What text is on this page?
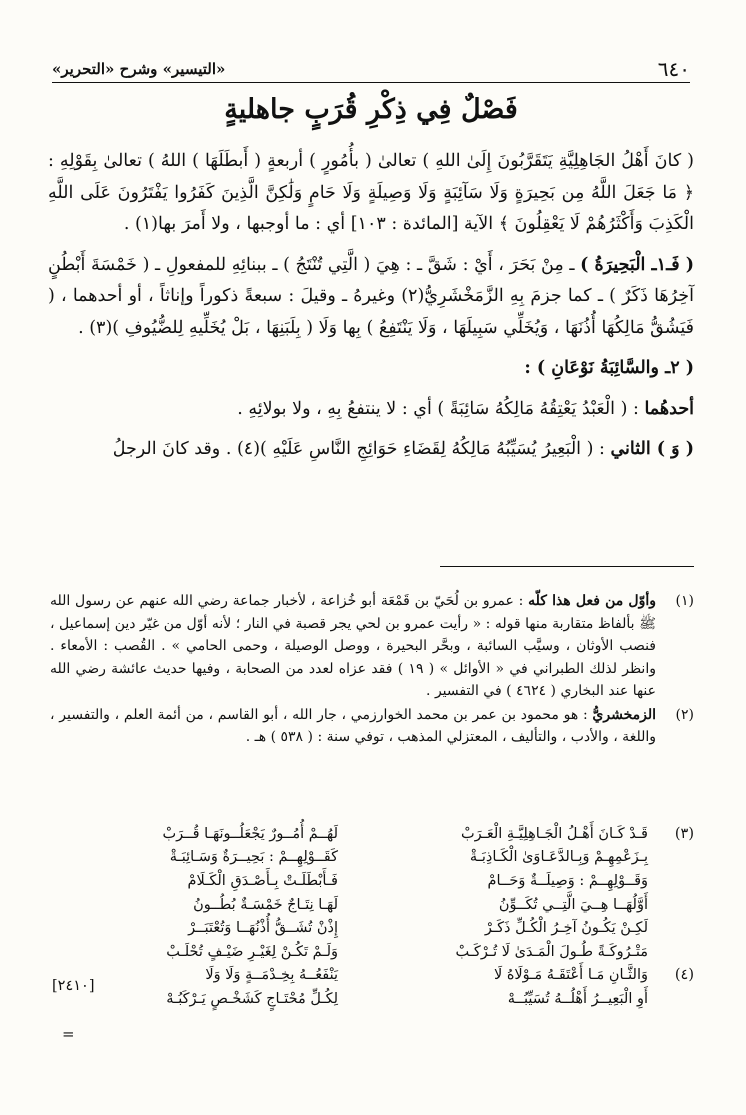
٦٤٠
«التيسير» وشرح «التحرير»
فَصْلٌ فِي ذِكْرِ قُرَبٍ جاهليةٍ

( كانَ أَهْلُ الجَاهِلِيَّةِ يَتَقَرَّبُونَ إِلَىٰ اللهِ ) تعالىٰ ( بأُمُورٍ ) أربعةٍ ( أَبطَلَهَا ) اللهُ ) تعالىٰ بِقَوْلِهِ : ﴿ مَا جَعَلَ اللَّهُ مِن بَحِيرَةٍ وَلَا سَآئِبَةٍ وَلَا وَصِيلَةٍ وَلَا حَامٍ وَلَٰكِنَّ الَّذِينَ كَفَرُوا يَفْتَرُونَ عَلَى اللَّهِ الْكَذِبَ وَأَكْثَرُهُمْ لَا يَعْقِلُونَ ﴾ الآية [المائدة : ١٠٣] أي : ما أوجبها ، ولا أَمرَ بها(١) .

( فَـ١ـ الْبَحِيرَةُ ) ـ مِنْ بَحَرَ ، أَيْ : شَقَّ ـ : هِيَ ( الَّتِي تُنْتَجُ ) ـ ببنائِهِ للمفعولِ ـ ( خَمْسَةَ أَبْطُنٍ آخِرُهَا ذَكَرٌ ) ـ كما جزمَ بِهِ الزَّمَخْشَرِيُّ(٢) وغيرهُ ـ وقيلَ : سبعةً ذكوراً وإناثاً ، أو أحدهما ، ( فَيَشُقُّ مَالِكُهَا أُذُنَهَا ، وَيُخَلِّي سَبِيلَهَا ، وَلَا يَنْتَفِعُ ) بِها وَلَا ( بِلَبَنِهَا ، بَلْ يُخَلِّيهِ لِلضُّيُوفِ )(٣) .

( ٢ـ والسَّائِبَةُ نَوْعَانِ ) :

أحدهُما : ( الْعَبْدُ يَعْتِقُهُ مَالِكُهُ سَائِبَةً ) أي : لا ينتفعُ بِهِ ، ولا بولائِهِ .

( وَ ) الثاني : ( الْبَعِيرُ يُسَيِّبُهُ مَالِكُهُ لِقَضَاءِ حَوَائِجِ النَّاسِ عَلَيْهِ )(٤) . وقد كانَ الرجلُ

(١)
وأوّل من فعل هذا كلّه : عمرو بن لُحَيّ بن قَمْعَة أبو خُزاعة ، لأخبار جماعة رضي الله عنهم عن رسول الله ﷺ بألفاظ متقاربة منها قوله : « رأيت عمرو بن لحي يجر قصبة في النار ؛ لأنه أوّل من غيّر دين إسماعيل ، فنصب الأوثان ، وسيَّب السائبة ، وبحَّر البحيرة ، ووصل الوصيلة ، وحمى الحامي » . القُصب : الأمعاء . وانظر لذلك الطبراني في « الأوائل » ( ١٩ ) فقد عزاه لعدد من الصحابة ، وفيها حديث عائشة رضي الله عنها عند البخاري ( ٤٦٢٤ ) في التفسير .
(٢)
الزمخشريُّ : هو محمود بن عمر بن محمد الخوارزمي ، جار الله ، أبو القاسم ، من أئمة العلم ، والتفسير ، واللغة ، والأدب ، والتأليف ، المعتزلي المذهب ، توفي سنة : ( ٥٣٨ ) هـ .
(٣)
قَـدْ كَـانَ أَهْـلُ الْجَـاهِلِيَّـةِ الْعَـرَبْ
لَهُــمْ أُمُــورٌ يَجْعَلُــونَهَـا قُــرَبْ
بِـزَعْمِهِـمْ وَبِـالدَّعَـاوَىٰ الْكَـاذِبَـةْ
كَقَــوْلِهِــمْ : بَحِيــرَةٌ وَسَـائِبَـةْ
وَقَــوْلِهِــمْ : وَصِيلَــةٌ وَحَــامْ
فَـأَبْطَلَـتْ بِـأَصْـدَقِ الْكَـلَامْ
أَوَّلُهَــا هِــيَ الَّتِــي تُكَــوِّنُ
لَهَـا نِتَـاجٌ خَمْسَـةٌ بُطُــونُ
لَكِـنْ يَكُـونُ آخِـرُ الْكُـلِّ ذَكَـرْ
إِذْنْ تُشَــقُّ أُذْنُهَــا وَتُعْتَبَــرْ
مَتْـرُوكَـةً طُـولَ الْمَـدَىٰ لَا تُـرْكَـبْ
وَلَـمْ تَكُـنْ لِغَيْـرِ ضَيْـفٍ تُحْلَـبْ
(٤)
وَالثَّـانِ مَـا أَعْتَقَـهُ مَـوْلَاهُ لَا
يَنْفَعُــهُ بِخِـدْمَــةٍ وَلَا وَلَا
أَوِ الْبَعِيــرُ أَهْلُــهُ تُسَيِّبُــهْ
لِكُـلِّ مُحْتَـاجٍ كَشَخْـصٍ يَـرْكَبُـهْ
[٢٤١٠]
=
